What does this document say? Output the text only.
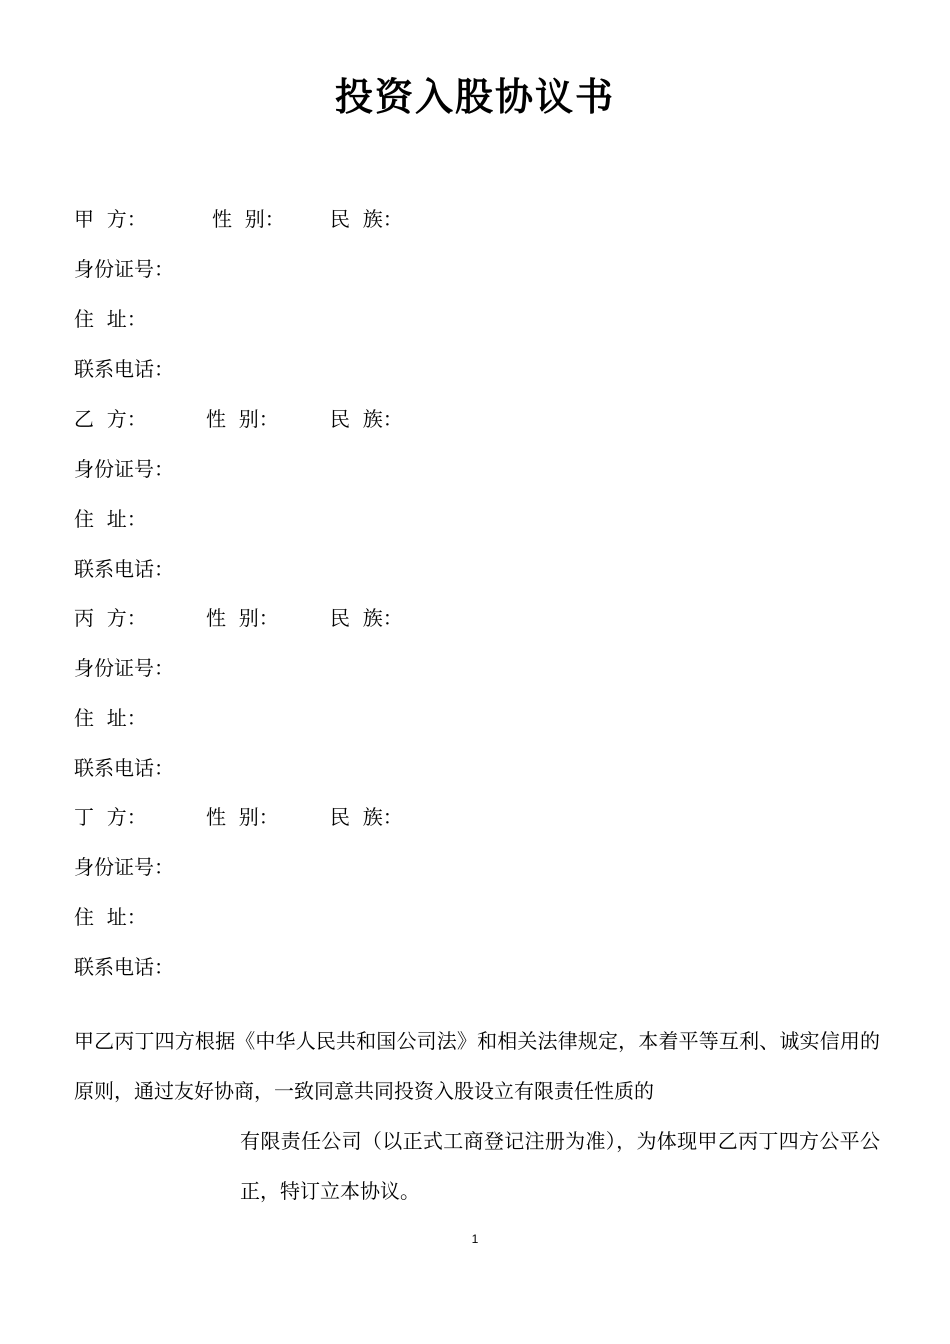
投资入股协议书
甲  方：	性  别： 民  族：
身份证号：
住  址：
联系电话：
乙  方：	性  别：	民  族：
身份证号：
住  址：
联系电话：
丙  方：	性  别：	民  族：
身份证号：
住  址：
联系电话：
丁  方：	性  别：	民  族：
身份证号：
住  址：
联系电话：

甲乙丙丁四方根据《中华人民共和国公司法》和相关法律规定，本着平等互利、诚实信用的原则，通过友好协商，一致同意共同投资入股设立有限责任性质的

有限责任公司（以正式工商登记注册为准），为体现甲乙丙丁四方公平公正，特订立本协议。

1
